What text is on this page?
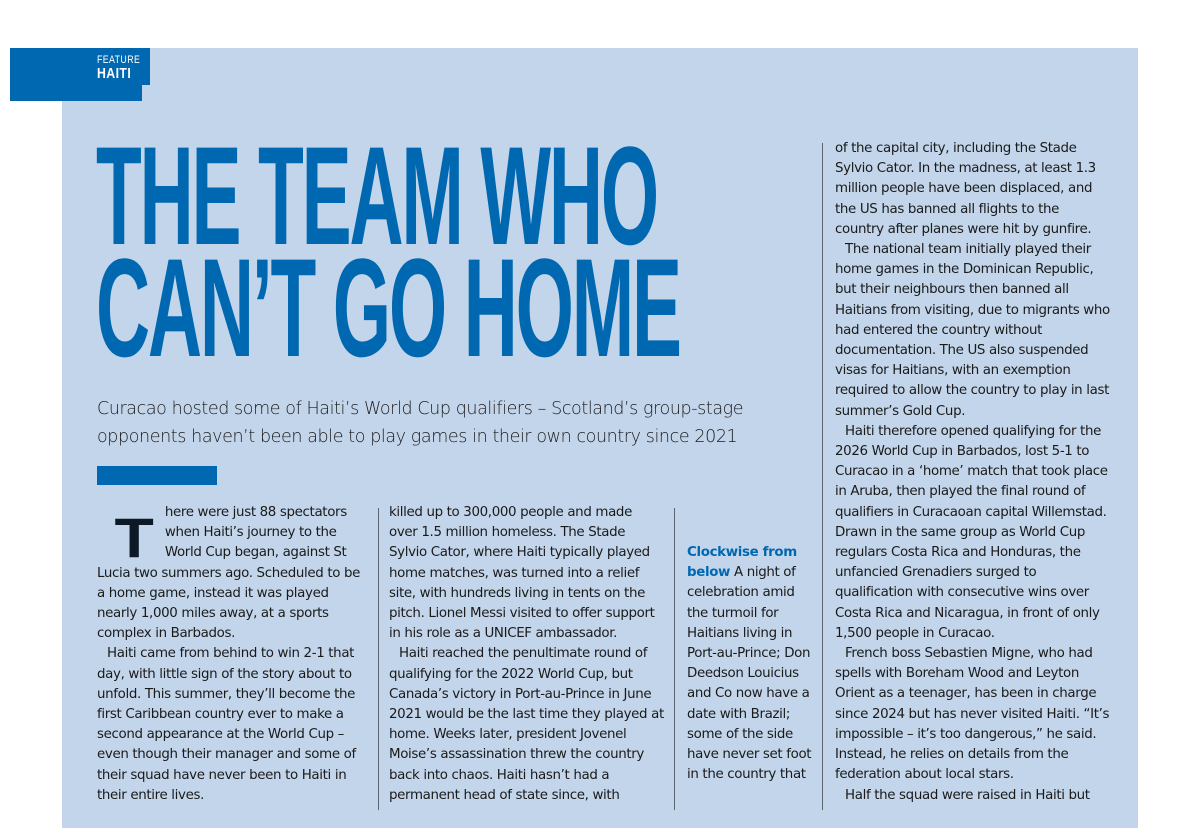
FEATURE
HAITI
THE TEAM WHO
CAN’T GO HOME
Curacao hosted some of Haiti’s World Cup qualifiers – Scotland’s group-stage opponents haven’t been able to play games in their own country since 2021
T here were just 88 spectators when Haiti’s journey to the World Cup began, against St Lucia two summers ago. Scheduled to be a home game, instead it was played nearly 1,000 miles away, at a sports complex in Barbados.

Haiti came from behind to win 2-1 that day, with little sign of the story about to unfold. This summer, they’ll become the first Caribbean country ever to make a second appearance at the World Cup – even though their manager and some of their squad have never been to Haiti in their entire lives.

killed up to 300,000 people and made over 1.5 million homeless. The Stade Sylvio Cator, where Haiti typically played home matches, was turned into a relief site, with hundreds living in tents on the pitch. Lionel Messi visited to offer support in his role as a UNICEF ambassador.

Haiti reached the penultimate round of qualifying for the 2022 World Cup, but Canada’s victory in Port-au-Prince in June 2021 would be the last time they played at home. Weeks later, president Jovenel Moise’s assassination threw the country back into chaos. Haiti hasn’t had a permanent head of state since, with

Clockwise from below A night of celebration amid the turmoil for Haitians living in Port-au-Prince; Don Deedson Louicius and Co now have a date with Brazil; some of the side have never set foot in the country that

of the capital city, including the Stade Sylvio Cator. In the madness, at least 1.3 million people have been displaced, and the US has banned all flights to the country after planes were hit by gunfire.

The national team initially played their home games in the Dominican Republic, but their neighbours then banned all Haitians from visiting, due to migrants who had entered the country without documentation. The US also suspended visas for Haitians, with an exemption required to allow the country to play in last summer’s Gold Cup.

Haiti therefore opened qualifying for the 2026 World Cup in Barbados, lost 5-1 to Curacao in a ‘home’ match that took place in Aruba, then played the final round of qualifiers in Curacaoan capital Willemstad. Drawn in the same group as World Cup regulars Costa Rica and Honduras, the unfancied Grenadiers surged to qualification with consecutive wins over Costa Rica and Nicaragua, in front of only 1,500 people in Curacao.

French boss Sebastien Migne, who had spells with Boreham Wood and Leyton Orient as a teenager, has been in charge since 2024 but has never visited Haiti. “It’s impossible – it’s too dangerous,” he said. Instead, he relies on details from the federation about local stars.

Half the squad were raised in Haiti but
